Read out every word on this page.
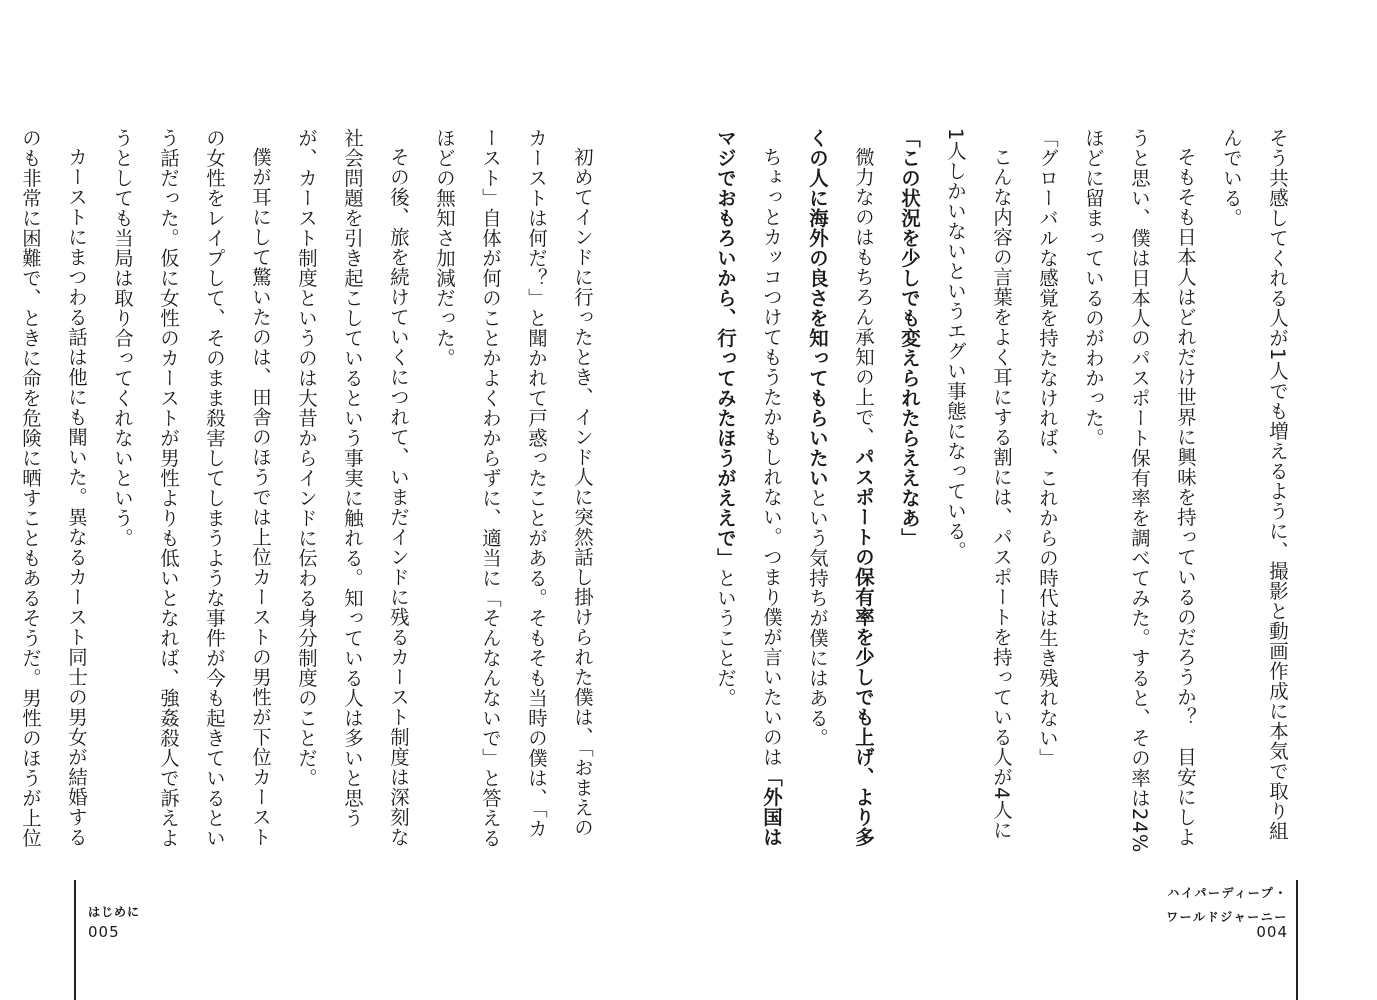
そう共感してくれる人が1人でも増えるように、撮影と動画作成に本気で取り組んでいる。

そもそも日本人はどれだけ世界に興味を持っているのだろうか？　目安にしようと思い、僕は日本人のパスポート保有率を調べてみた。すると、その率は24%ほどに留まっているのがわかった。

「グローバルな感覚を持たなければ、これからの時代は生き残れない」

こんな内容の言葉をよく耳にする割には、パスポートを持っている人が4人に1人しかいないというエグい事態になっている。

「この状況を少しでも変えられたらええなあ」

微力なのはもちろん承知の上で、パスポートの保有率を少しでも上げ、より多くの人に海外の良さを知ってもらいたいという気持ちが僕にはある。

ちょっとカッコつけてもうたかもしれない。つまり僕が言いたいのは「外国はマジでおもろいから、行ってみたほうがええで」ということだ。

ハイパーディープ・
ワールドジャーニー
004

初めてインドに行ったとき、インド人に突然話し掛けられた僕は、「おまえのカーストは何だ？」と聞かれて戸惑ったことがある。そもそも当時の僕は、「カースト」自体が何のことかよくわからずに、適当に「そんなんないで」と答えるほどの無知さ加減だった。

その後、旅を続けていくにつれて、いまだインドに残るカースト制度は深刻な社会問題を引き起こしているという事実に触れる。知っている人は多いと思うが、カースト制度というのは大昔からインドに伝わる身分制度のことだ。

僕が耳にして驚いたのは、田舎のほうでは上位カーストの男性が下位カーストの女性をレイプして、そのまま殺害してしまうような事件が今も起きているという話だった。仮に女性のカーストが男性よりも低いとなれば、強姦殺人で訴えようとしても当局は取り合ってくれないという。

カーストにまつわる話は他にも聞いた。異なるカースト同士の男女が結婚するのも非常に困難で、ときに命を危険に晒すこともあるそうだ。男性のほうが上位

はじめに
005
